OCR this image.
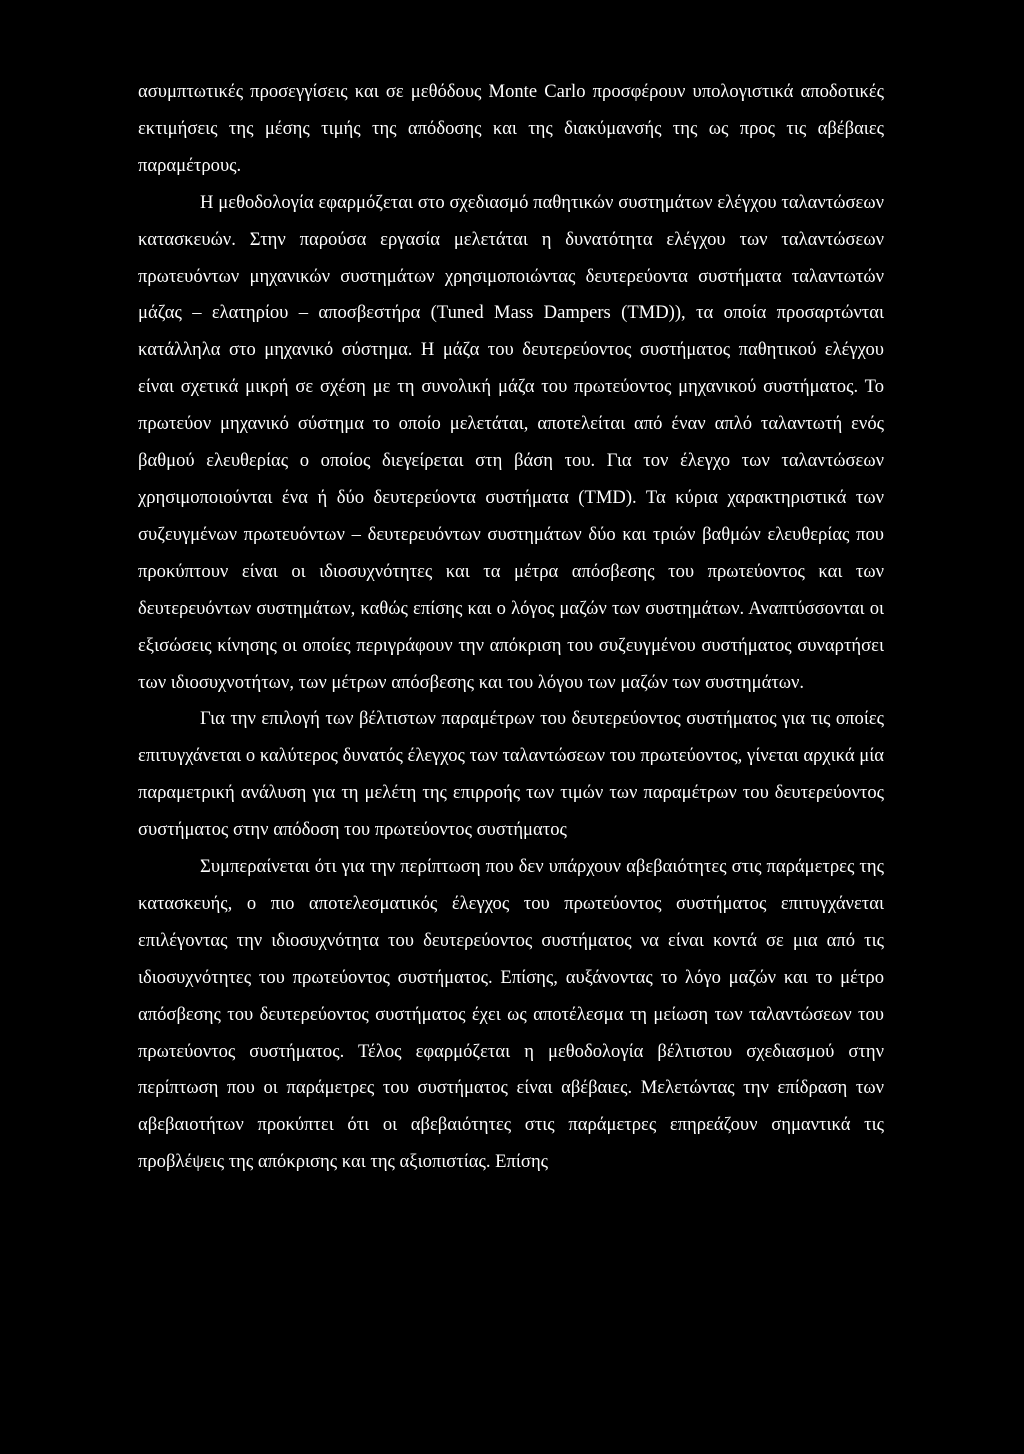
ασυμπτωτικές προσεγγίσεις και σε μεθόδους Monte Carlo προσφέρουν υπολογιστικά αποδοτικές εκτιμήσεις της μέσης τιμής της απόδοσης και της διακύμανσής της ως προς τις αβέβαιες παραμέτρους.

Η μεθοδολογία εφαρμόζεται στο σχεδιασμό παθητικών συστημάτων ελέγχου ταλαντώσεων κατασκευών. Στην παρούσα εργασία μελετάται η δυνατότητα ελέγχου των ταλαντώσεων πρωτευόντων μηχανικών συστημάτων χρησιμοποιώντας δευτερεύοντα συστήματα ταλαντωτών μάζας – ελατηρίου – αποσβεστήρα (Tuned Mass Dampers (TMD)), τα οποία προσαρτώνται κατάλληλα στο μηχανικό σύστημα. Η μάζα του δευτερεύοντος συστήματος παθητικού ελέγχου είναι σχετικά μικρή σε σχέση με τη συνολική μάζα του πρωτεύοντος μηχανικού συστήματος. Το πρωτεύον μηχανικό σύστημα το οποίο μελετάται, αποτελείται από έναν απλό ταλαντωτή ενός βαθμού ελευθερίας ο οποίος διεγείρεται στη βάση του. Για τον έλεγχο των ταλαντώσεων χρησιμοποιούνται ένα ή δύο δευτερεύοντα συστήματα (TMD). Τα κύρια χαρακτηριστικά των συζευγμένων πρωτευόντων – δευτερευόντων συστημάτων δύο και τριών βαθμών ελευθερίας που προκύπτουν είναι οι ιδιοσυχνότητες και τα μέτρα απόσβεσης του πρωτεύοντος και των δευτερευόντων συστημάτων, καθώς επίσης και ο λόγος μαζών των συστημάτων. Αναπτύσσονται οι εξισώσεις κίνησης οι οποίες περιγράφουν την απόκριση του συζευγμένου συστήματος συναρτήσει των ιδιοσυχνοτήτων, των μέτρων απόσβεσης και του λόγου των μαζών των συστημάτων.

Για την επιλογή των βέλτιστων παραμέτρων του δευτερεύοντος συστήματος για τις οποίες επιτυγχάνεται ο καλύτερος δυνατός έλεγχος των ταλαντώσεων του πρωτεύοντος, γίνεται αρχικά μία παραμετρική ανάλυση για τη μελέτη της επιρροής των τιμών των παραμέτρων του δευτερεύοντος συστήματος στην απόδοση του πρωτεύοντος συστήματος

Συμπεραίνεται ότι για την περίπτωση που δεν υπάρχουν αβεβαιότητες στις παράμετρες της κατασκευής, ο πιο αποτελεσματικός έλεγχος του πρωτεύοντος συστήματος επιτυγχάνεται επιλέγοντας την ιδιοσυχνότητα του δευτερεύοντος συστήματος να είναι κοντά σε μια από τις ιδιοσυχνότητες του πρωτεύοντος συστήματος. Επίσης, αυξάνοντας το λόγο μαζών και το μέτρο απόσβεσης του δευτερεύοντος συστήματος έχει ως αποτέλεσμα τη μείωση των ταλαντώσεων του πρωτεύοντος συστήματος. Τέλος εφαρμόζεται η μεθοδολογία βέλτιστου σχεδιασμού στην περίπτωση που οι παράμετρες του συστήματος είναι αβέβαιες. Μελετώντας την επίδραση των αβεβαιοτήτων προκύπτει ότι οι αβεβαιότητες στις παράμετρες επηρεάζουν σημαντικά τις προβλέψεις της απόκρισης και της αξιοπιστίας. Επίσης
